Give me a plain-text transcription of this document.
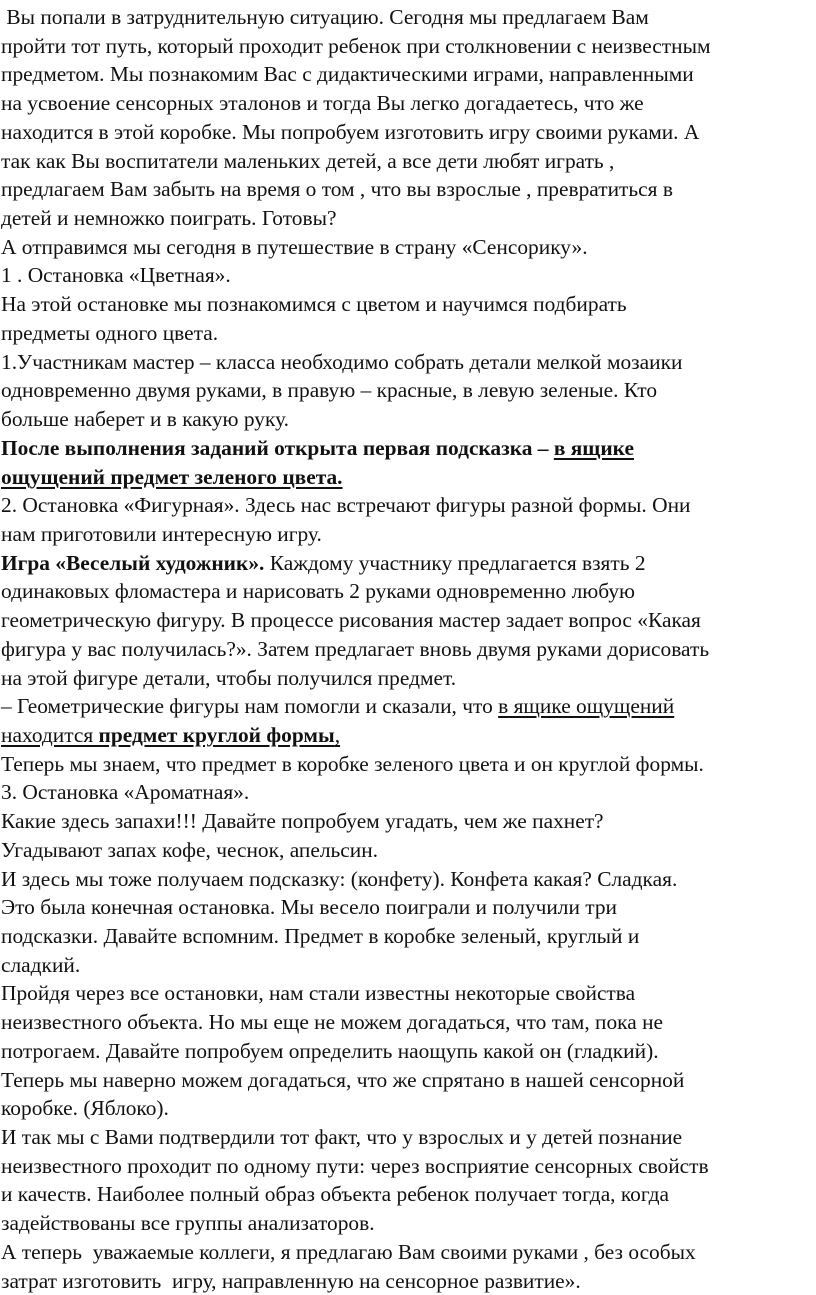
Вы попали в затруднительную ситуацию. Сегодня мы предлагаем Вам
пройти тот путь, который проходит ребенок при столкновении с неизвестным
предметом. Мы познакомим Вас с дидактическими играми, направленными
на усвоение сенсорных эталонов и тогда Вы легко догадаетесь, что же
находится в этой коробке. Мы попробуем изготовить игру своими руками. А
так как Вы воспитатели маленьких детей, а все дети любят играть ,
предлагаем Вам забыть на время о том , что вы взрослые , превратиться в
детей и немножко поиграть. Готовы?
А отправимся мы сегодня в путешествие в страну «Сенсорику».
1 . Остановка «Цветная».
На этой остановке мы познакомимся с цветом и научимся подбирать
предметы одного цвета.
1.Участникам мастер – класса необходимо собрать детали мелкой мозаики
одновременно двумя руками, в правую – красные, в левую зеленые. Кто
больше наберет и в какую руку.
После выполнения заданий открыта первая подсказка – в ящике
ощущений предмет зеленого цвета.
2. Остановка «Фигурная». Здесь нас встречают фигуры разной формы. Они
нам приготовили интересную игру.
Игра «Веселый художник». Каждому участнику предлагается взять 2
одинаковых фломастера и нарисовать 2 руками одновременно любую
геометрическую фигуру. В процессе рисования мастер задает вопрос «Какая
фигура у вас получилась?». Затем предлагает вновь двумя руками дорисовать
на этой фигуре детали, чтобы получился предмет.
– Геометрические фигуры нам помогли и сказали, что в ящике ощущений
находится предмет круглой формы,
Теперь мы знаем, что предмет в коробке зеленого цвета и он круглой формы.
3. Остановка «Ароматная».
Какие здесь запахи!!! Давайте попробуем угадать, чем же пахнет?
Угадывают запах кофе, чеснок, апельсин.
И здесь мы тоже получаем подсказку: (конфету). Конфета какая? Сладкая.
Это была конечная остановка. Мы весело поиграли и получили три
подсказки. Давайте вспомним. Предмет в коробке зеленый, круглый и
сладкий.
Пройдя через все остановки, нам стали известны некоторые свойства
неизвестного объекта. Но мы еще не можем догадаться, что там, пока не
потрогаем. Давайте попробуем определить наощупь какой он (гладкий).
Теперь мы наверно можем догадаться, что же спрятано в нашей сенсорной
коробке. (Яблоко).
И так мы с Вами подтвердили тот факт, что у взрослых и у детей познание
неизвестного проходит по одному пути: через восприятие сенсорных свойств
и качеств. Наиболее полный образ объекта ребенок получает тогда, когда
задействованы все группы анализаторов.
А теперь  уважаемые коллеги, я предлагаю Вам своими руками , без особых
затрат изготовить  игру, направленную на сенсорное развитие».
